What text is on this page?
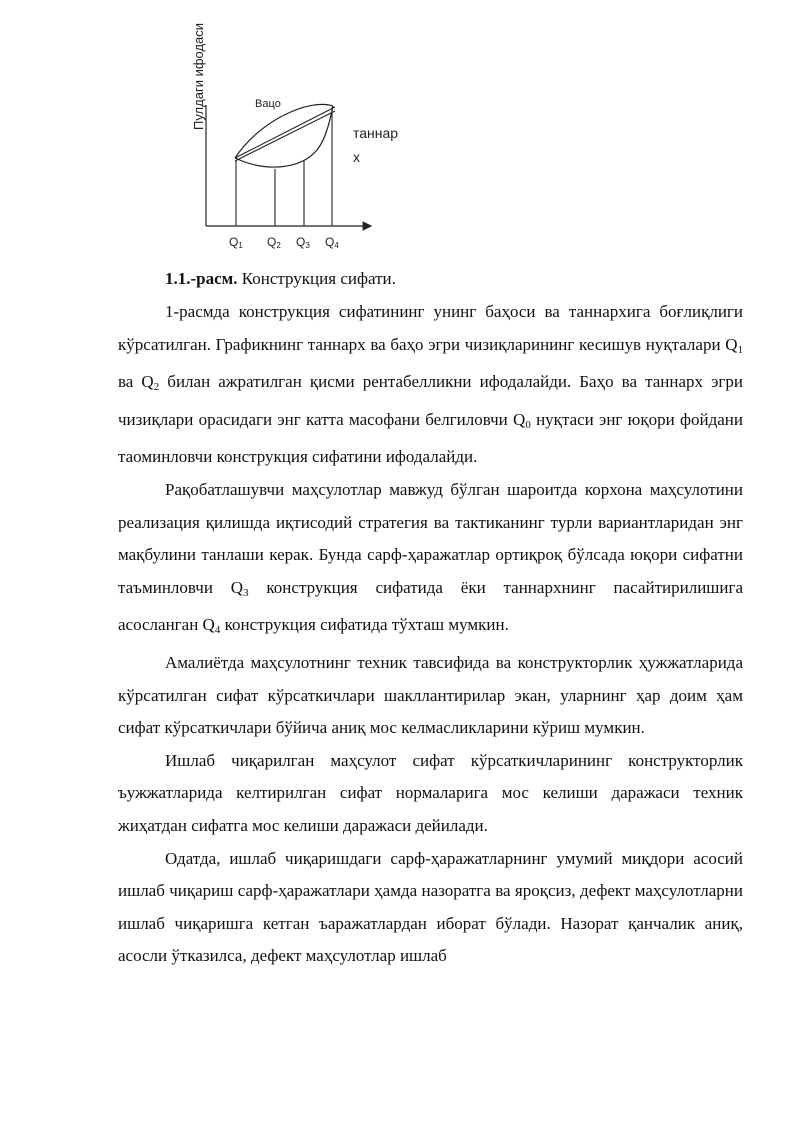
Пулдаги ифодаси	Baцo
таннар
х
Q1 Q2 Q3 Q4

1.1.-расм. Конструкция сифати.

1-расмда конструкция сифатининг унинг баҳоси ва таннархига боғлиқлиги кўрсатилган. Графикнинг таннарх ва баҳо эгри чизиқларининг кесишув нуқталари $Q_1$ ва $Q_2$ билан ажратилган қисми рентабелликни ифодалайди. Баҳо ва таннарх эгри чизиқлари орасидаги энг катта масофани белгиловчи $Q_0$ нуқтаси энг юқори фойдани таоминловчи конструкция сифатини ифодалайди.

Рақобатлашувчи маҳсулотлар мавжуд бўлган шароитда корхона маҳсулотини реализация қилишда иқтисодий стратегия ва тактиканинг турли вариантларидан энг мақбулини танлаши керак. Бунда сарф-ҳаражатлар ортиқроқ бўлсада юқори сифатни таъминловчи $Q_3$ конструкция сифатида ёки таннархнинг пасайтирилишига асосланган $Q_4$ конструкция сифатида тўхташ мумкин.

Амалиётда маҳсулотнинг техник тавсифида ва конструкторлик ҳужжатларида кўрсатилган сифат кўрсаткичлари шакллантирилар экан, уларнинг ҳар доим ҳам сифат кўрсаткичлари бўйича аниқ мос келмасликларини кўриш мумкин.

Ишлаб чиқарилган маҳсулот сифат кўрсаткичларининг конструкторлик ъужжатларида келтирилган сифат нормаларига мос келиши даражаси техник жиҳатдан сифатга мос келиши даражаси дейилади.

Одатда, ишлаб чиқаришдаги сарф-ҳаражатларнинг умумий миқдори асосий ишлаб чиқариш сарф-ҳаражатлари ҳамда назоратга ва яроқсиз, дефект маҳсулотларни ишлаб чиқаришга кетган ъаражатлардан иборат бўлади. Назорат қанчалик аниқ, асосли ўтказилса, дефект маҳсулотлар ишлаб
